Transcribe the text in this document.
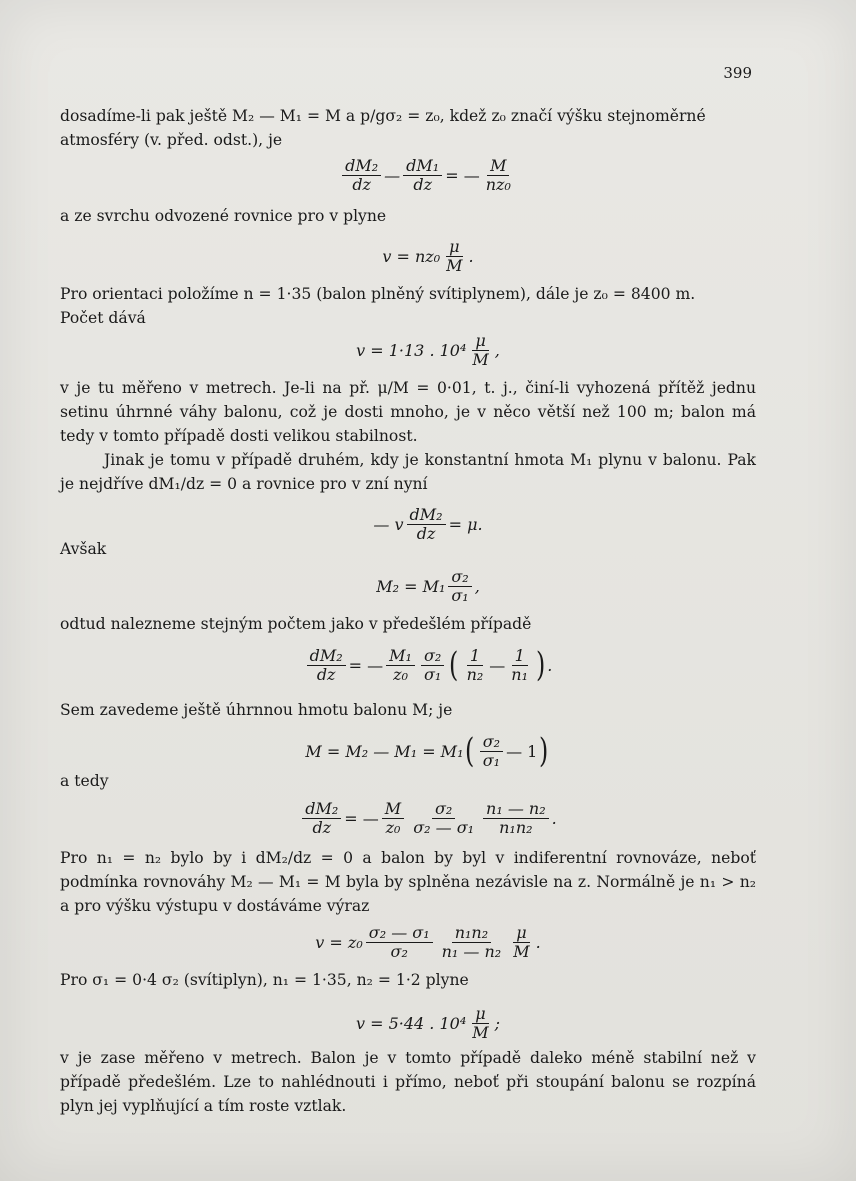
399

dosadíme-li pak ještě M₂ — M₁ = M a p/gσ₂ = z₀, kdež z₀ značí výšku stejnoměrné

atmosféry (v. před. odst.), je

$\frac{\text{dM₂}}{dz}$ — $\frac{\text{dM₁}}{dz}$ = — $\frac{M}{\text{nz₀}}$

a ze svrchu odvozené rovnice pro v plyne

$v = nz_0 \frac{\mu}{M}$ .

Pro orientaci položíme n = 1·35 (balon plněný svítiplynem), dále je z₀ = 8400 m.

Počet dává

v = 1·13 . $10^4 \frac{\mu}{M}$ ,

v je tu měřeno v metrech. Je-li na př. μ/M = 0·01, t. j., činí-li vyhozená přítěž jednu setinu úhrnné váhy balonu, což je dosti mnoho, je v něco větší než 100 m; balon má tedy v tomto případě dosti velikou stabilnost.

Jinak je tomu v případě druhém, kdy je konstantní hmota M₁ plynu v balonu. Pak je nejdříve dM₁/dz = 0 a rovnice pro v zní nyní

— v $\frac{\text{dM₂}}{dz} = \mu$.
Avšak
$M_2 = M_1 \frac{\text{σ₂}}{\text{σ₁}}$ ,

odtud nalezneme stejným počtem jako v předešlém případě

$\frac{\text{dM₂}}{dz}$ = — $\frac{\text{M₁}}{\text{z₀}} \frac{\text{σ₂}}{\text{σ₁}}$ ( $\frac{1}{\text{n₂}}$ — $\frac{1}{\text{n₁}}$ ) .

Sem zavedeme ještě úhrnnou hmotu balonu M; je

M = M₂ — M₁ = M₁ ( $\frac{\text{σ₂}}{\text{σ₁}}$ — 1 )
a tedy
$\frac{\text{dM₂}}{dz}$ = — $\frac{M}{\text{z₀}} \frac{\text{σ₂}}{\text{σ₂ — σ₁}} \frac{\text{n₁ — n₂}}{\text{n₁n₂}}$ .

Pro n₁ = n₂ bylo by i dM₂/dz = 0 a balon by byl v indiferentní rovnováze, neboť podmínka rovnováhy M₂ — M₁ = M byla by splněna nezávisle na z. Normálně je n₁ > n₂ a pro výšku výstupu v dostáváme výraz

$v = z_0 \frac{\text{σ₂ — σ₁}}{\text{σ₂}} \frac{\text{n₁n₂}}{\text{n₁ — n₂}} \frac{\mu}{M}$ .

Pro σ₁ = 0·4 σ₂ (svítiplyn), n₁ = 1·35, n₂ = 1·2 plyne

v = 5·44 . $10^4 \frac{\mu}{M}$ ;

v je zase měřeno v metrech. Balon je v tomto případě daleko méně stabilní než v případě předešlém. Lze to nahlédnouti i přímo, neboť při stoupání balonu se rozpíná plyn jej vyplňující a tím roste vztlak.
